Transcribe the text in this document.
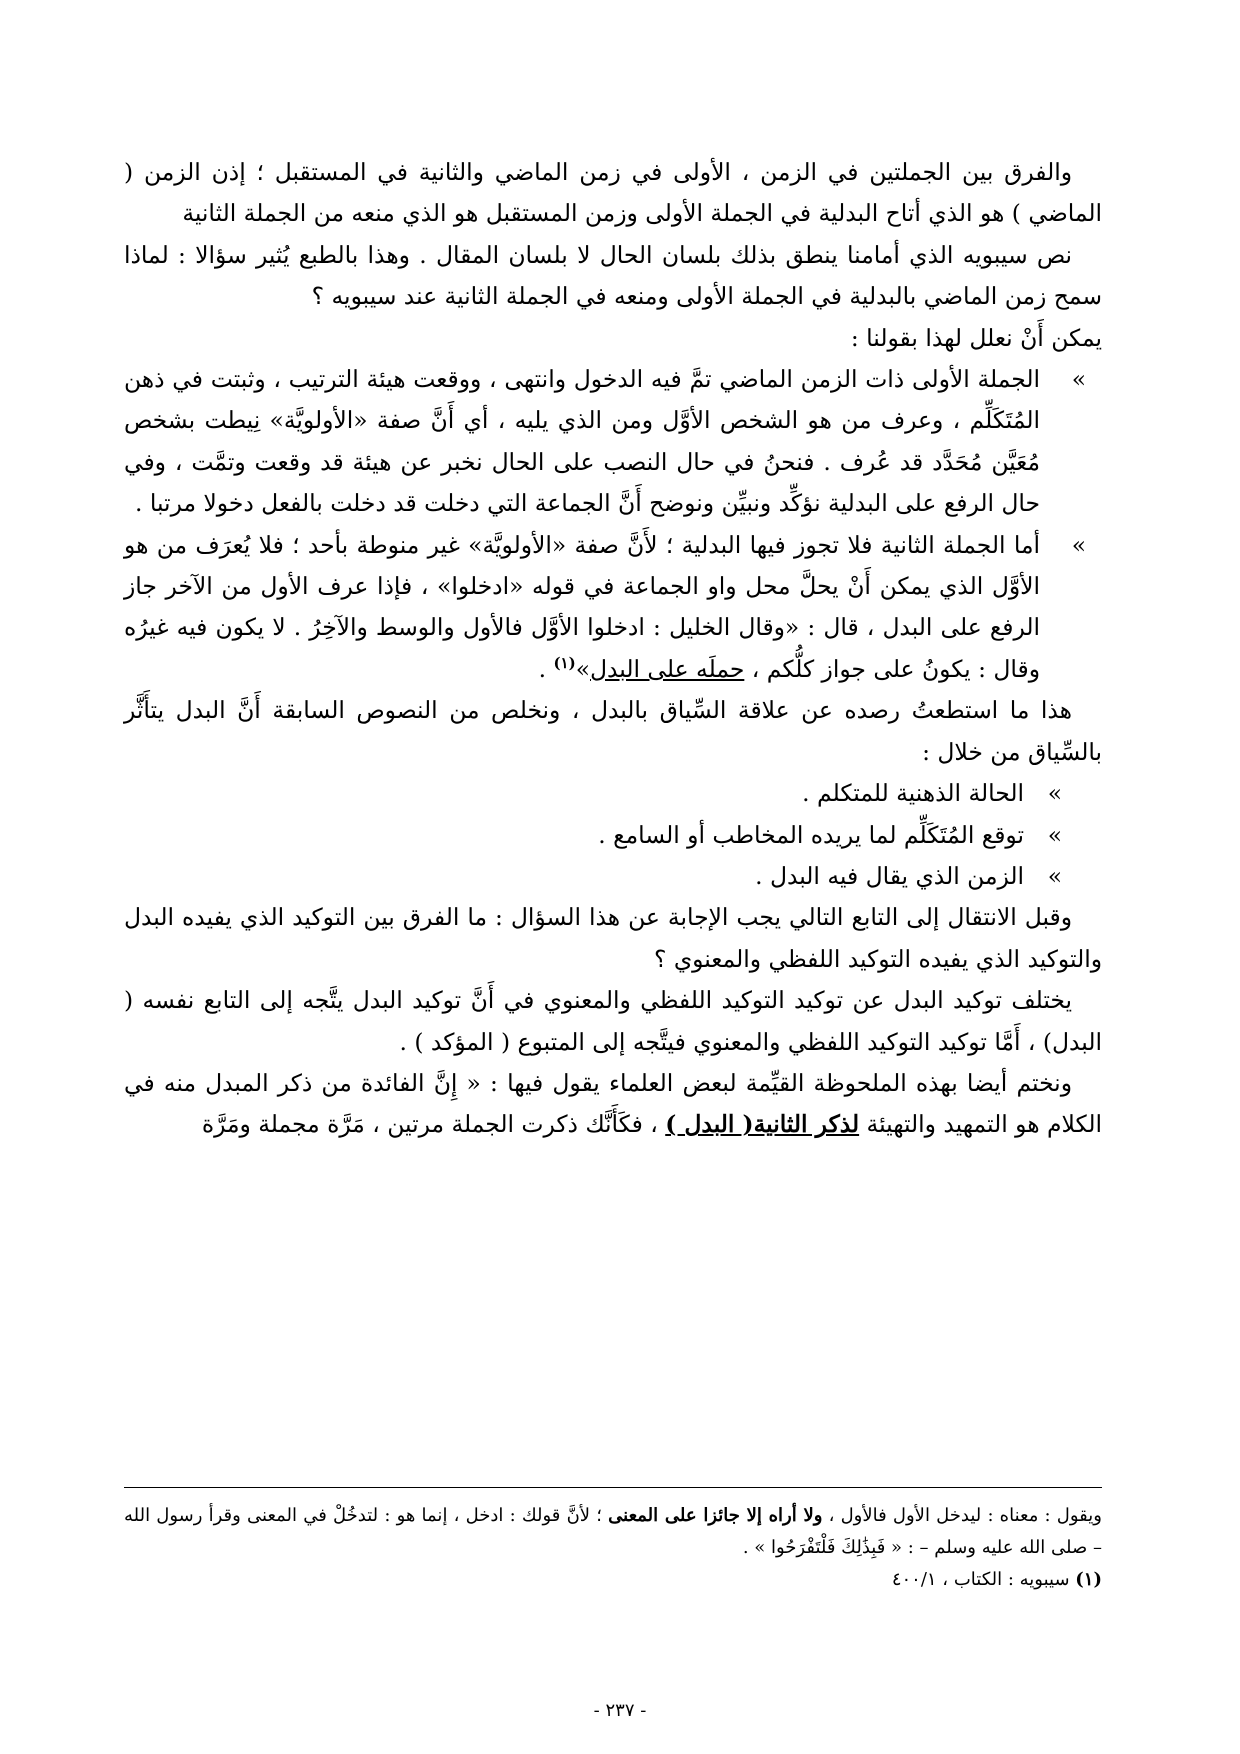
والفرق بين الجملتين في الزمن ، الأولى في زمن الماضي والثانية في المستقبل ؛ إذن الزمن ( الماضي ) هو الذي أتاح البدلية في الجملة الأولى وزمن المستقبل هو الذي منعه من الجملة الثانية

نص سيبويه الذي أمامنا ينطق بذلك بلسان الحال لا بلسان المقال . وهذا بالطبع يُثير سؤالا : لماذا سمح زمن الماضي بالبدلية في الجملة الأولى ومنعه في الجملة الثانية عند سيبويه ؟

يمكن أَنْ نعلل لهذا بقولنا :

»
الجملة الأولى ذات الزمن الماضي تمَّ فيه الدخول وانتهى ، ووقعت هيئة الترتيب ، وثبتت في ذهن المُتَكَلِّم ، وعرف من هو الشخص الأوَّل ومن الذي يليه ، أي أَنَّ صفة «الأولويَّة» نِيطت بشخص مُعَيَّن مُحَدَّد قد عُرف . فنحنُ في حال النصب على الحال نخبر عن هيئة قد وقعت وتمَّت ، وفي حال الرفع على البدلية نؤكِّد ونبيِّن ونوضح أَنَّ الجماعة التي دخلت قد دخلت بالفعل دخولا مرتبا .
»
أما الجملة الثانية فلا تجوز فيها البدلية ؛ لأَنَّ صفة «الأولويَّة» غير منوطة بأحد ؛ فلا يُعرَف من هو الأوَّل الذي يمكن أَنْ يحلَّ محل واو الجماعة في قوله «ادخلوا» ، فإذا عرف الأول من الآخر جاز الرفع على البدل ، قال : «وقال الخليل : ادخلوا الأوَّل فالأول والوسط والآخِرُ . لا يكون فيه غيرُه وقال : يكونُ على جواز كلُّكم ، حملَه على البدل»$^{(١)}$ .

هذا ما استطعتُ رصده عن علاقة السِّياق بالبدل ، ونخلص من النصوص السابقة أَنَّ البدل يتأَثَّر بالسِّياق من خلال :

»
الحالة الذهنية للمتكلم .
»
توقع المُتَكَلِّم لما يريده المخاطب أو السامع .
»
الزمن الذي يقال فيه البدل .

وقبل الانتقال إلى التابع التالي يجب الإجابة عن هذا السؤال : ما الفرق بين التوكيد الذي يفيده البدل والتوكيد الذي يفيده التوكيد اللفظي والمعنوي ؟

يختلف توكيد البدل عن توكيد التوكيد اللفظي والمعنوي في أَنَّ توكيد البدل يتَّجه إلى التابع نفسه ( البدل) ، أَمَّا توكيد التوكيد اللفظي والمعنوي فيتَّجه إلى المتبوع ( المؤكد ) .

ونختم أيضا بهذه الملحوظة القيِّمة لبعض العلماء يقول فيها : « إِنَّ الفائدة من ذكر المبدل منه في الكلام هو التمهيد والتهيئة لذكر الثانية( البدل ) ، فكَأَنَّك ذكرت الجملة مرتين ، مَرَّة مجملة ومَرَّة

ويقول : معناه : ليدخل الأول فالأول ، ولا أراه إلا جائزا على المعنى ؛ لأنَّ قولك : ادخل ، إنما هو : لتدخُلْ في المعنى وقرأ رسول الله – صلى الله عليه وسلم – : « فَبِذَٰلِكَ فَلْتَفْرَحُوا » .

(١) سيبويه : الكتاب ، ٤٠٠/١

- ٢٣٧ -
